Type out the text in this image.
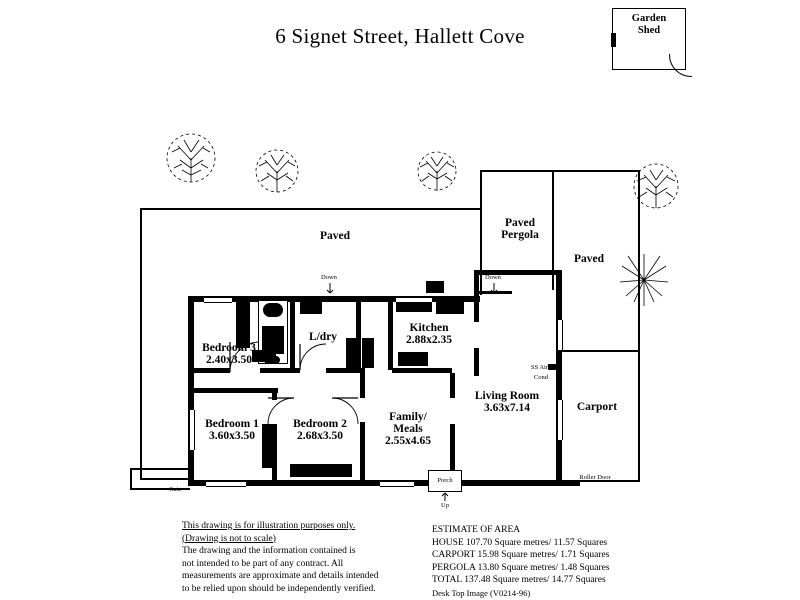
6 Signet Street, Hallett Cove
Garden
Shed
Gate
hw
B/bar
SS Air
Cond
Robe
Cbd	Cbd	Pantry
Robe
Robe
Porch
Up
Down	Down
Paved
Paved
Pergola
Paved
Carport
Roller Door
Bedroom 3
2.40x3.50
L/dry
Kitchen
2.88x2.35
Living Room
3.63x7.14
Bedroom 1
3.60x3.50
Bedroom 2
2.68x3.50
Family/
Meals
2.55x4.65
This drawing is for illustration purposes only.
(Drawing is not to scale)
The drawing and the information contained is
not intended to be part of any contract. All
measurements are approximate and details intended
to be relied upon should be independently verified.
ESTIMATE OF AREA
HOUSE 107.70 Square metres/ 11.57 Squares
CARPORT 15.98 Square metres/ 1.71 Squares
PERGOLA 13.80 Square metres/ 1.48 Squares
TOTAL 137.48 Square metres/ 14.77 Squares
Desk Top Image (V0214-96)
